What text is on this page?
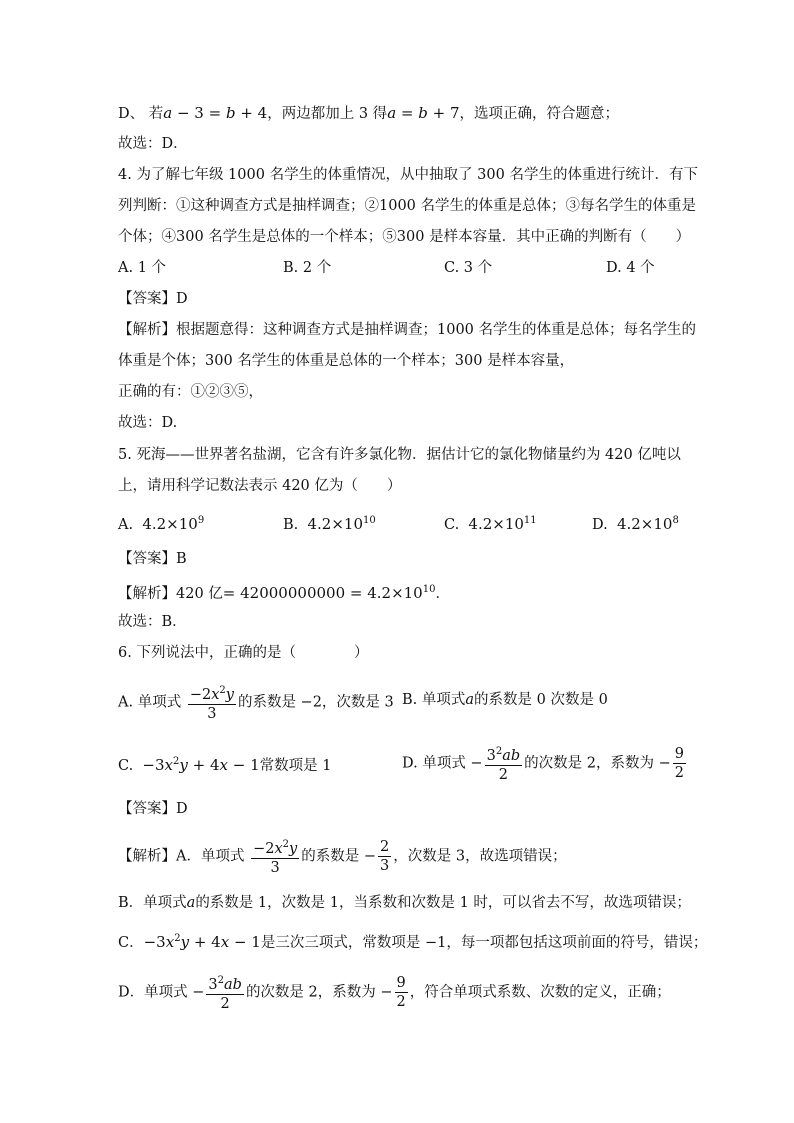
D、 若a − 3 = b + 4，两边都加上 3 得a = b + 7，选项正确，符合题意；
故选：D．
4. 为了解七年级 1000 名学生的体重情况，从中抽取了 300 名学生的体重进行统计．有下
列判断：①这种调查方式是抽样调查；②1000 名学生的体重是总体；③每名学生的体重是
个体；④300 名学生是总体的一个样本；⑤300 是样本容量．其中正确的判断有（　　）
A. 1 个	B. 2 个	C. 3 个	D. 4 个
【答案】D
【解析】根据题意得：这种调查方式是抽样调查；1000 名学生的体重是总体；每名学生的
体重是个体；300 名学生的体重是总体的一个样本；300 是样本容量，
正确的有：①②③⑤，
故选：D.
5. 死海——世界著名盐湖，它含有许多氯化物．据估计它的氯化物储量约为 420 亿吨以
上，请用科学记数法表示 420 亿为（　　）
A. $4.2\times 10^9$	B. $4.2\times 10^{10}$	C. $4.2\times 10^{11}$	D. $4.2\times 10^8$
【答案】B
【解析】420 亿= $42000000000 = 4.2\times 10^{10}$．
故选：B．
6. 下列说法中，正确的是（　　　　）
A. 单项式 $\frac{-2x^2y}{3}$ 的系数是 −2，次数是 3 B. 单项式a的系数是 0 次数是 0
C. $-3x^2y + 4x - 1$常数项是 1	D. 单项式 − $\frac{3^2ab}{2}$ 的次数是 2，系数为 − $\frac{9}{2}$
【答案】D
【解析】A．单项式 $\frac{-2x^2y}{3}$ 的系数是 − $\frac{2}{3}$ ，次数是 3，故选项错误；
B．单项式a的系数是 1，次数是 1，当系数和次数是 1 时，可以省去不写，故选项错误；
C．$-3x^2y + 4x - 1$是三次三项式，常数项是 −1，每一项都包括这项前面的符号，错误；
D．单项式 − $\frac{3^2ab}{2}$ 的次数是 2，系数为 − $\frac{9}{2}$ ，符合单项式系数、次数的定义，正确；
